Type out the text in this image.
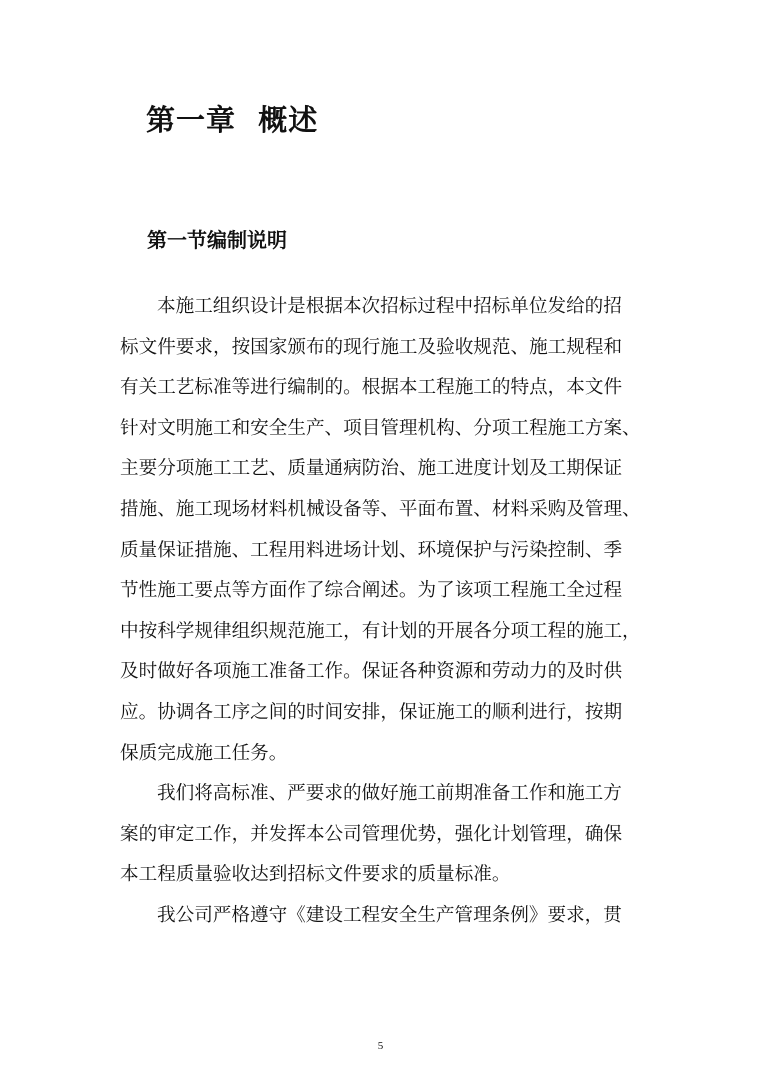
第一章  概述
第一节编制说明
本施工组织设计是根据本次招标过程中招标单位发给的招
标文件要求，按国家颁布的现行施工及验收规范、施工规程和
有关工艺标准等进行编制的。根据本工程施工的特点，本文件
针对文明施工和安全生产、项目管理机构、分项工程施工方案、
主要分项施工工艺、质量通病防治、施工进度计划及工期保证
措施、施工现场材料机械设备等、平面布置、材料采购及管理、
质量保证措施、工程用料进场计划、环境保护与污染控制、季
节性施工要点等方面作了综合阐述。为了该项工程施工全过程
中按科学规律组织规范施工，有计划的开展各分项工程的施工，
及时做好各项施工准备工作。保证各种资源和劳动力的及时供
应。协调各工序之间的时间安排，保证施工的顺利进行，按期
保质完成施工任务。
我们将高标准、严要求的做好施工前期准备工作和施工方
案的审定工作，并发挥本公司管理优势，强化计划管理，确保
本工程质量验收达到招标文件要求的质量标准。
我公司严格遵守《建设工程安全生产管理条例》要求，贯
5
